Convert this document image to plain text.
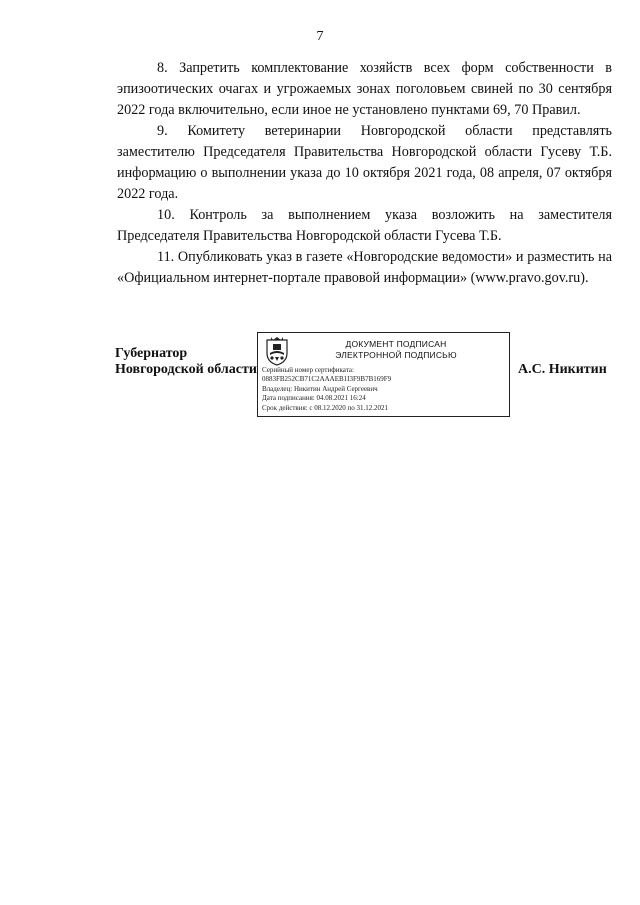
7

8. Запретить комплектование хозяйств всех форм собственности в эпизоотических очагах и угрожаемых зонах поголовьем свиней по 30 сентября 2022 года включительно, если иное не установлено пунктами 69, 70 Правил.

9. Комитету ветеринарии Новгородской области представлять заместителю Председателя Правительства Новгородской области Гусеву Т.Б. информацию о выполнении указа до 10 октября 2021 года, 08 апреля, 07 октября 2022 года.

10. Контроль за выполнением указа возложить на заместителя Председателя Правительства Новгородской области Гусева Т.Б.

11. Опубликовать указ в газете «Новгородские ведомости» и разместить на «Официальном интернет-портале правовой информации» (www.pravo.gov.ru).

Губернатор
Новгородской области
ДОКУМЕНТ ПОДПИСАН
ЭЛЕКТРОННОЙ ПОДПИСЬЮ
Серийный номер сертификата:
0883FB252CB71C2AAAEB1I3F9B7B169F9
Владелец: Никитин Андрей Сергеевич
Дата подписания: 04.08.2021 16:24
Срок действия: с 08.12.2020 по 31.12.2021
А.С. Никитин
